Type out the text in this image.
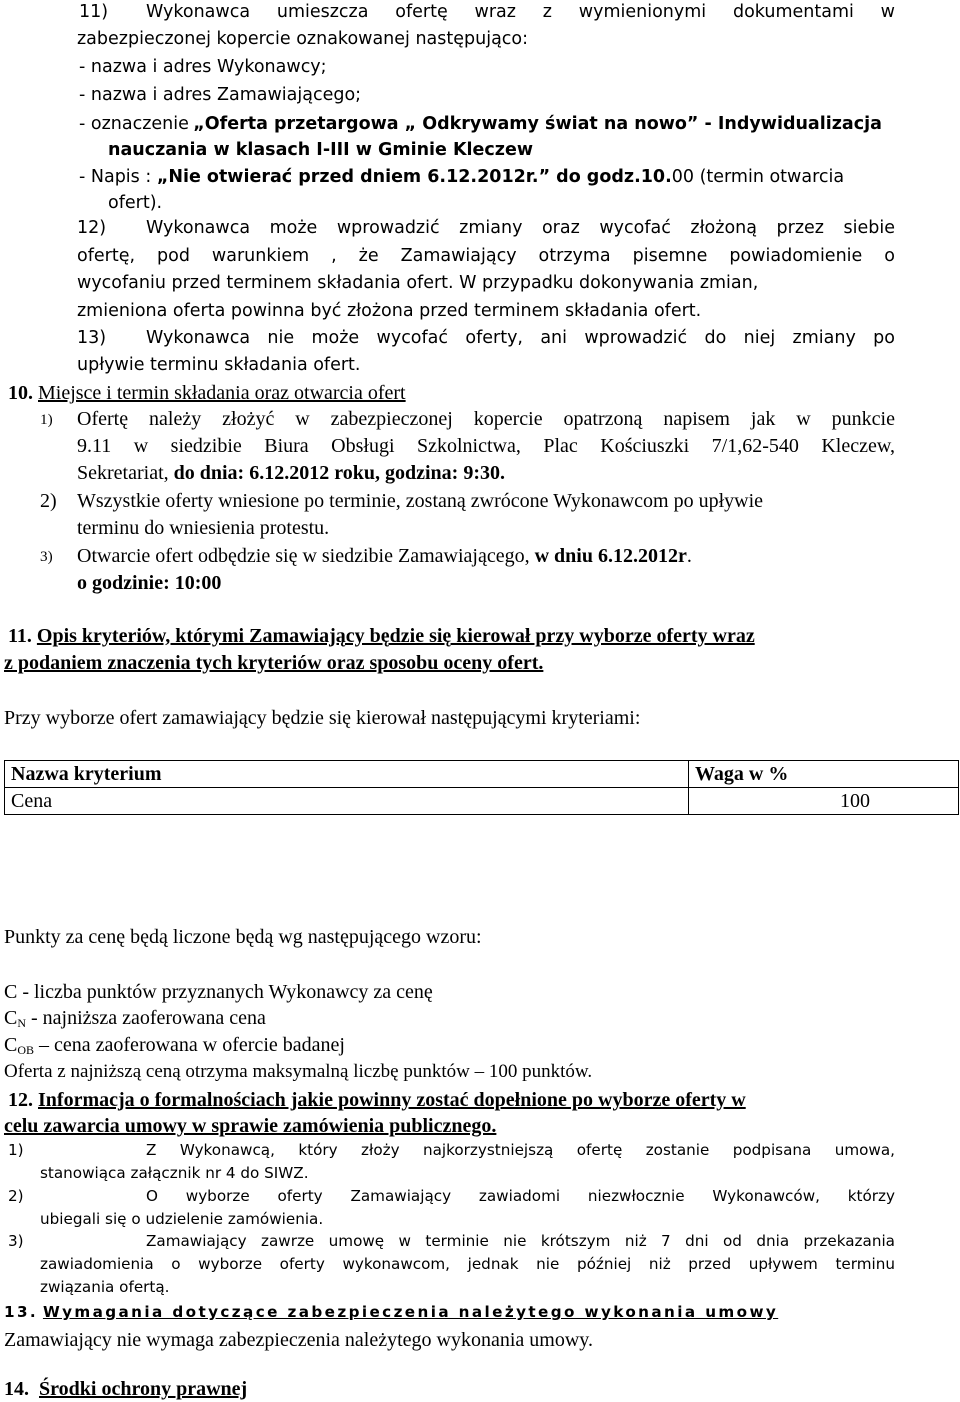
11) Wykonawca umieszcza ofertę wraz z wymienionymi dokumentami w
zabezpieczonej kopercie oznakowanej następująco:
- nazwa i adres Wykonawcy;
- nazwa i adres Zamawiającego;
- oznaczenie „Oferta przetargowa „ Odkrywamy świat na nowo” - Indywidualizacja
nauczania w klasach I-III w Gminie Kleczew
- Napis : „Nie otwierać przed dniem 6.12.2012r.” do godz.10.00 (termin otwarcia
ofert).
12) Wykonawca może wprowadzić zmiany oraz wycofać złożoną przez siebie
ofertę, pod warunkiem , że Zamawiający otrzyma pisemne powiadomienie o
wycofaniu przed terminem składania ofert. W przypadku dokonywania zmian,
zmieniona oferta powinna być złożona przed terminem składania ofert.
13) Wykonawca nie może wycofać oferty, ani wprowadzić do niej zmiany po
upływie terminu składania ofert.
10. Miejsce i termin składania oraz otwarcia ofert
1) Ofertę należy złożyć w zabezpieczonej kopercie opatrzoną napisem jak w punkcie
9.11 w siedzibie Biura Obsługi Szkolnictwa, Plac Kościuszki 7/1,62-540 Kleczew,
Sekretariat, do dnia: 6.12.2012 roku, godzina: 9:30.
2) Wszystkie oferty wniesione po terminie, zostaną zwrócone Wykonawcom po upływie
terminu do wniesienia protestu.
3) Otwarcie ofert odbędzie się w siedzibie Zamawiającego, w dniu 6.12.2012r.
o godzinie: 10:00
11. Opis kryteriów, którymi Zamawiający będzie się kierował przy wyborze oferty wraz
z podaniem znaczenia tych kryteriów oraz sposobu oceny ofert.
Przy wyborze ofert zamawiający będzie się kierował następującymi kryteriami:
Nazwa kryterium	Waga w %
Cena	100
Punkty za cenę będą liczone będą wg następującego wzoru:
C - liczba punktów przyznanych Wykonawcy za cenę
$C_N$ - najniższa zaoferowana cena
$C_{OB}$ – cena zaoferowana w ofercie badanej
Oferta z najniższą ceną otrzyma maksymalną liczbę punktów – 100 punktów.
12. Informacja o formalnościach jakie powinny zostać dopełnione po wyborze oferty w
celu zawarcia umowy w sprawie zamówienia publicznego.
1)	Z Wykonawcą, który złoży najkorzystniejszą ofertę zostanie podpisana umowa,
stanowiąca załącznik nr 4 do SIWZ.
2)	O wyborze oferty Zamawiający zawiadomi niezwłocznie Wykonawców, którzy
ubiegali się o udzielenie zamówienia.
3)	Zamawiający zawrze umowę w terminie nie krótszym niż 7 dni od dnia przekazania
zawiadomienia o wyborze oferty wykonawcom, jednak nie później niż przed upływem terminu
związania ofertą.
13. Wymagania dotyczące zabezpieczenia należytego wykonania umowy
Zamawiający nie wymaga zabezpieczenia należytego wykonania umowy.
14. Środki ochrony prawnej
